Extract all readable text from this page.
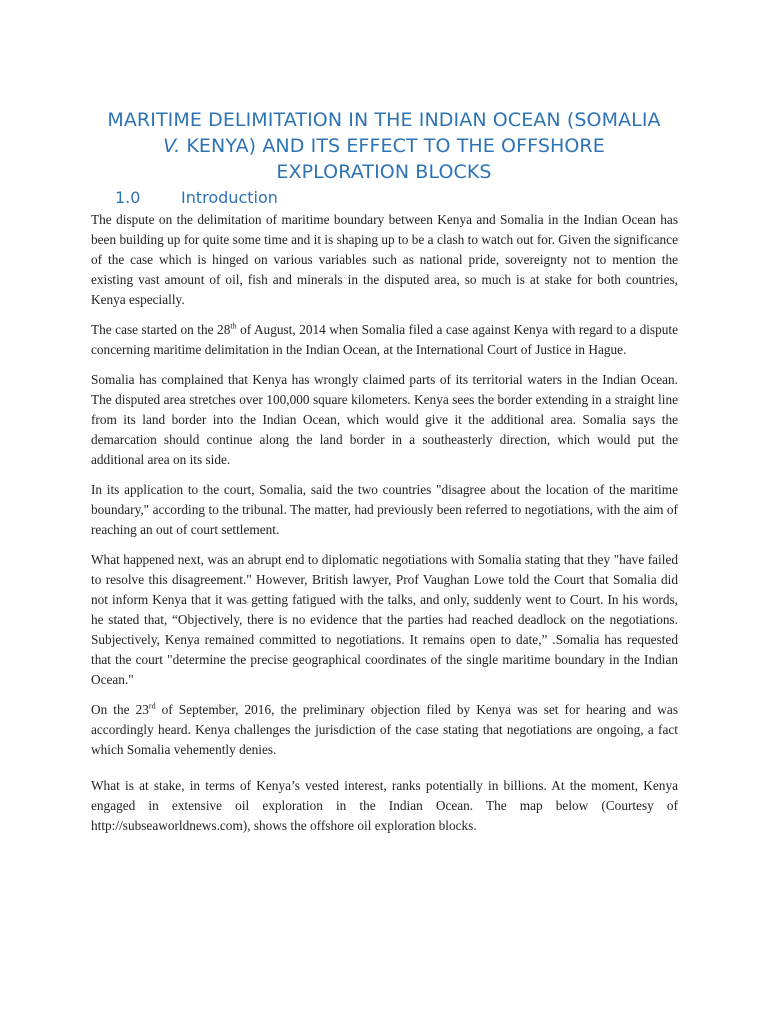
MARITIME DELIMITATION IN THE INDIAN OCEAN (SOMALIA
V. KENYA) AND ITS EFFECT TO THE OFFSHORE
EXPLORATION BLOCKS
1.0	Introduction

The dispute on the delimitation of maritime boundary between Kenya and Somalia in the Indian Ocean has been building up for quite some time and it is shaping up to be a clash to watch out for. Given the significance of the case which is hinged on various variables such as national pride, sovereignty not to mention the existing vast amount of oil, fish and minerals in the disputed area, so much is at stake for both countries, Kenya especially.

The case started on the 28th of August, 2014 when Somalia filed a case against Kenya with regard to a dispute concerning maritime delimitation in the Indian Ocean, at the International Court of Justice in Hague.

Somalia has complained that Kenya has wrongly claimed parts of its territorial waters in the Indian Ocean. The disputed area stretches over 100,000 square kilometers. Kenya sees the border extending in a straight line from its land border into the Indian Ocean, which would give it the additional area. Somalia says the demarcation should continue along the land border in a southeasterly direction, which would put the additional area on its side.

In its application to the court, Somalia, said the two countries "disagree about the location of the maritime boundary," according to the tribunal. The matter, had previously been referred to negotiations, with the aim of reaching an out of court settlement.

What happened next, was an abrupt end to diplomatic negotiations with Somalia stating that they "have failed to resolve this disagreement." However, British lawyer, Prof Vaughan Lowe told the Court that Somalia did not inform Kenya that it was getting fatigued with the talks, and only, suddenly went to Court. In his words, he stated that, “Objectively, there is no evidence that the parties had reached deadlock on the negotiations. Subjectively, Kenya remained committed to negotiations. It remains open to date,” .Somalia has requested that the court "determine the precise geographical coordinates of the single maritime boundary in the Indian Ocean."

On the 23rd of September, 2016, the preliminary objection filed by Kenya was set for hearing and was accordingly heard. Kenya challenges the jurisdiction of the case stating that negotiations are ongoing, a fact which Somalia vehemently denies.

What is at stake, in terms of Kenya’s vested interest, ranks potentially in billions. At the moment, Kenya engaged in extensive oil exploration in the Indian Ocean. The map below (Courtesy of http://subseaworldnews.com), shows the offshore oil exploration blocks.
